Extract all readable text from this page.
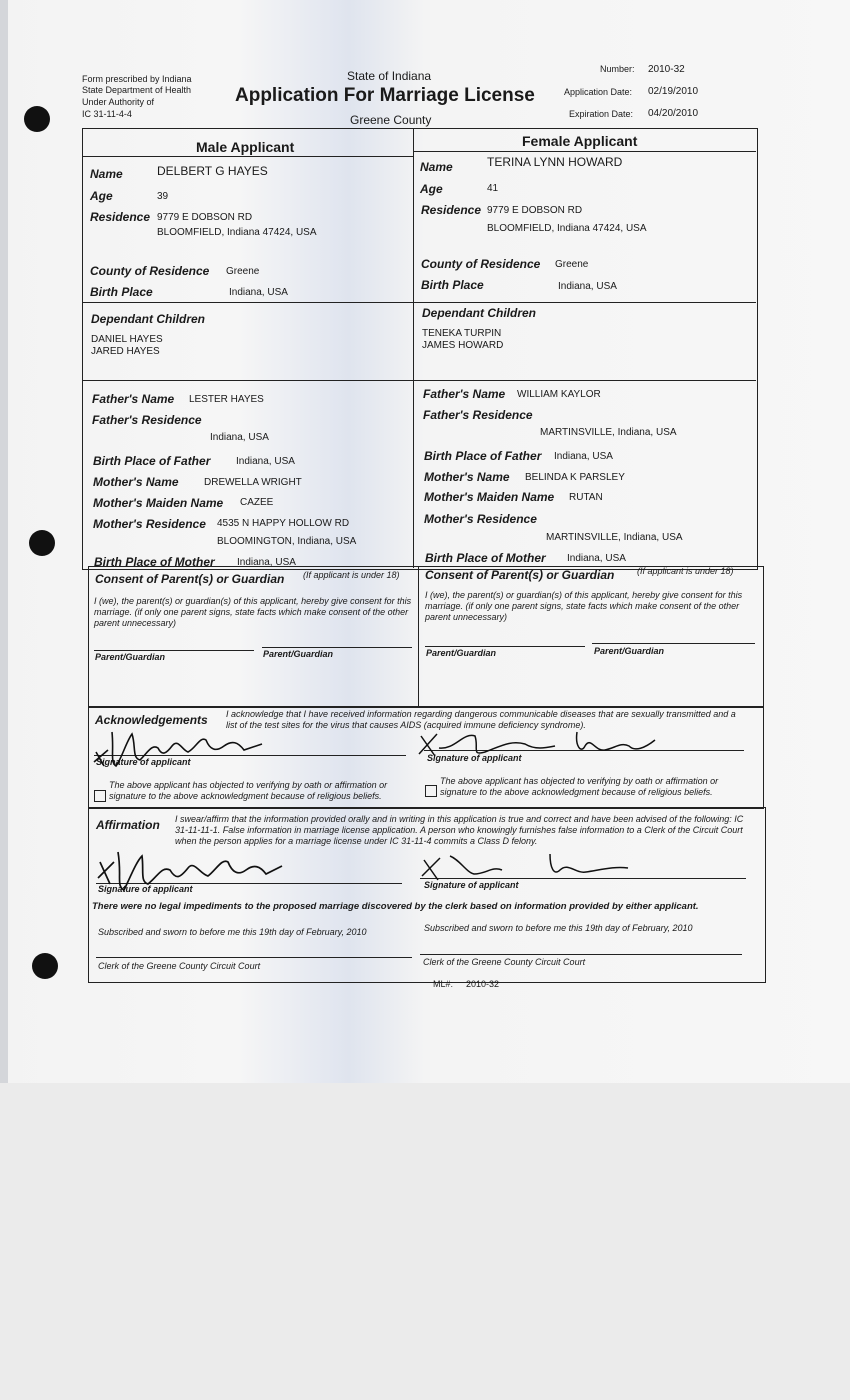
Form prescribed by Indiana
State Department of Health
Under Authority of
IC 31-11-4-4
State of Indiana
Application For Marriage License
Greene County
Number: 2010-32
Application Date: 02/19/2010
Expiration Date: 04/20/2010
Male Applicant	Female Applicant
Name	DELBERT G HAYES
Age	39
Residence 9779 E DOBSON RD
BLOOMFIELD, Indiana 47424, USA
County of Residence Greene
Birth Place	Indiana, USA
Dependant Children
DANIEL HAYES
JARED HAYES
Father's Name LESTER HAYES
Father's Residence
Indiana, USA
Birth Place of Father	Indiana, USA
Mother's Name	DREWELLA WRIGHT
Mother's Maiden Name CAZEE
Mother's Residence 4535 N HAPPY HOLLOW RD
BLOOMINGTON, Indiana, USA
Birth Place of Mother Indiana, USA
Name	TERINA LYNN HOWARD
Age	41
Residence 9779 E DOBSON RD
BLOOMFIELD, Indiana 47424, USA
County of Residence Greene
Birth Place	Indiana, USA
Dependant Children
TENEKA TURPIN
JAMES HOWARD
Father's Name WILLIAM KAYLOR
Father's Residence
MARTINSVILLE, Indiana, USA
Birth Place of Father Indiana, USA
Mother's Name BELINDA K PARSLEY
Mother's Maiden Name RUTAN
Mother's Residence
MARTINSVILLE, Indiana, USA
Birth Place of Mother Indiana, USA
Consent of Parent(s) or Guardian (If applicant is under 18)
I (we), the parent(s) or guardian(s) of this applicant, hereby give consent for this marriage. (if only one parent signs, state facts which make consent of the other parent unnecessary)
Parent/Guardian	Parent/Guardian
Consent of Parent(s) or Guardian	(If applicant is under 18)
I (we), the parent(s) or guardian(s) of this applicant, hereby give consent for this marriage. (if only one parent signs, state facts which make consent of the other parent unnecessary)
Parent/Guardian	Parent/Guardian
Acknowledgements I acknowledge that I have received information regarding dangerous communicable diseases that are sexually transmitted and a list of the test sites for the virus that causes AIDS (acquired immune deficiency syndrome).
Signature of applicant	Signature of applicant
The above applicant has objected to verifying by oath or affirmation or signature to the above acknowledgment because of religious beliefs.
The above applicant has objected to verifying by oath or affirmation or signature to the above acknowledgment because of religious beliefs.
Affirmation I swear/affirm that the information provided orally and in writing in this application is true and correct and have been advised of the following: IC 31-11-11-1. False information in marriage license application. A person who knowingly furnishes false information to a Clerk of the Circuit Court when the person applies for a marriage license under IC 31-11-4 commits a Class D felony.
Signature of applicant	Signature of applicant
There were no legal impediments to the proposed marriage discovered by the clerk based on information provided by either applicant.
Subscribed and sworn to before me this 19th day of February, 2010	Subscribed and sworn to before me this 19th day of February, 2010
Clerk of the Greene County Circuit Court	Clerk of the Greene County Circuit Court
ML#: 2010-32
